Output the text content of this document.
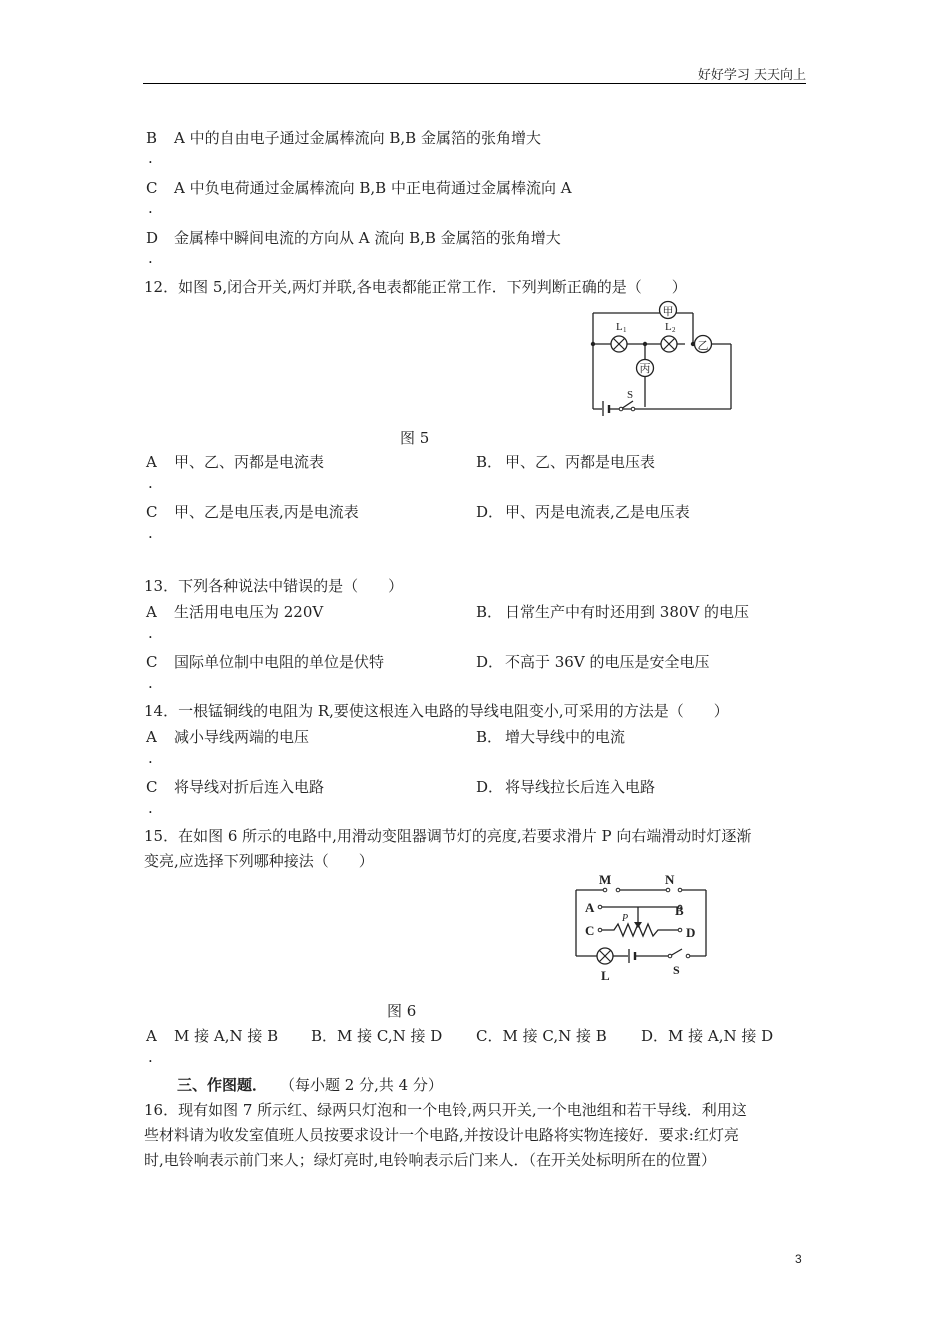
好好学习 天天向上
B A 中的自由电子通过金属棒流向 B,B 金属箔的张角增大
.
C A 中负电荷通过金属棒流向 B,B 中正电荷通过金属棒流向 A
.
D 金属棒中瞬间电流的方向从 A 流向 B,B 金属箔的张角增大
.
12．如图 5,闭合开关,两灯并联,各电表都能正常工作．下列判断正确的是（　　）
甲
L 1	L 2
乙
丙
S
图 5
A 甲、乙、丙都是电流表	B． 甲、乙、丙都是电压表
.
C 甲、乙是电压表,丙是电流表	D． 甲、丙是电流表,乙是电压表
.
13．下列各种说法中错误的是（　　）
A 生活用电电压为 220V	B． 日常生产中有时还用到 380V 的电压
.
C 国际单位制中电阻的单位是伏特	D． 不高于 36V 的电压是安全电压
.
14．一根锰铜线的电阻为 R,要使这根连入电路的导线电阻变小,可采用的方法是（　　）
A 减小导线两端的电压	B． 增大导线中的电流
.
C 将导线对折后连入电路	D． 将导线拉长后连入电路
.
15．在如图 6 所示的电路中,用滑动变阻器调节灯的亮度,若要求滑片 P 向右端滑动时灯逐渐
变亮,应选择下列哪种接法（　　）
M	N
A	B
C	D
P
L	S
图 6
A M 接 A,N 接 B B．M 接 C,N 接 D C．M 接 C,N 接 B D．M 接 A,N 接 D
.
三、作图题． （每小题 2 分,共 4 分）
16．现有如图 7 所示红、绿两只灯泡和一个电铃,两只开关,一个电池组和若干导线．利用这
些材料请为收发室值班人员按要求设计一个电路,并按设计电路将实物连接好．要求:红灯亮
时,电铃响表示前门来人；绿灯亮时,电铃响表示后门来人．（在开关处标明所在的位置）
3
